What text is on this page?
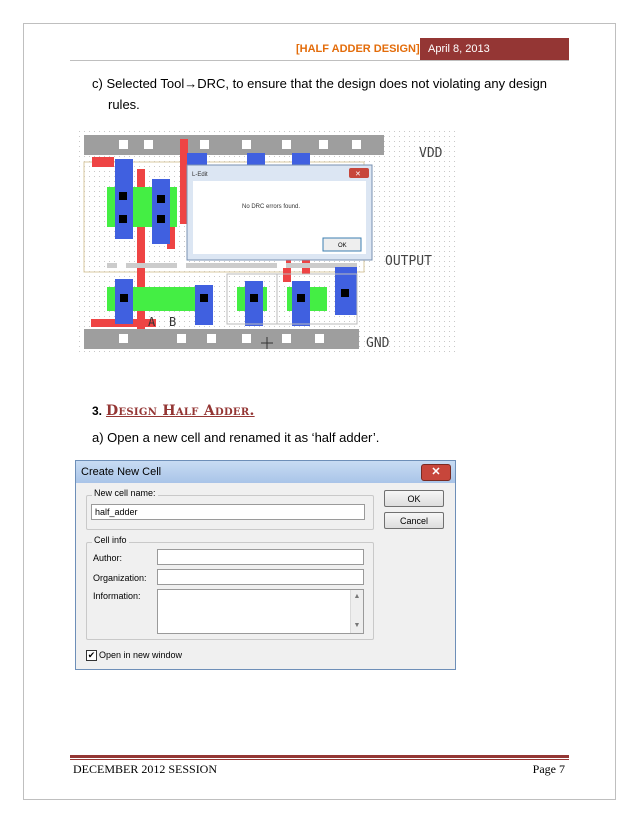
[HALF ADDER DESIGN] April 8, 2013
c) Selected Tool→DRC, to ensure that the design does not violating any design
rules.
VDD
OUTPUT
GND
A B
L-Edit	✕
No DRC errors found.
OK
3. Design Half Adder.
a) Open a new cell and renamed it as ‘half adder’.
Create New Cell	✕
New cell name:
half_adder
OK
Cancel
Cell info
Author:
Organization:
Information:	▲
▼
✔ Open in new window
DECEMBER 2012 SESSION	Page 7
